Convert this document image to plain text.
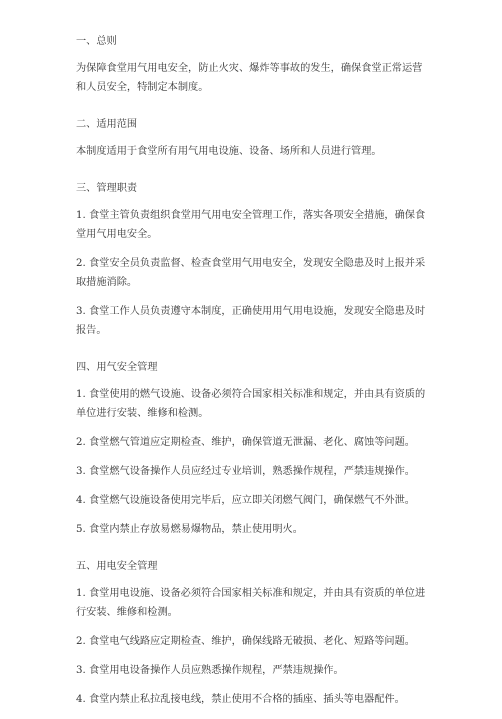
一、总则

为保障食堂用气用电安全，防止火灾、爆炸等事故的发生，确保食堂正常运营和人员安全，特制定本制度。

二、适用范围

本制度适用于食堂所有用气用电设施、设备、场所和人员进行管理。

三、管理职责

1. 食堂主管负责组织食堂用气用电安全管理工作，落实各项安全措施，确保食堂用气用电安全。

2. 食堂安全员负责监督、检查食堂用气用电安全，发现安全隐患及时上报并采取措施消除。

3. 食堂工作人员负责遵守本制度，正确使用用气用电设施，发现安全隐患及时报告。

四、用气安全管理

1. 食堂使用的燃气设施、设备必须符合国家相关标准和规定，并由具有资质的单位进行安装、维修和检测。

2. 食堂燃气管道应定期检查、维护，确保管道无泄漏、老化、腐蚀等问题。

3. 食堂燃气设备操作人员应经过专业培训，熟悉操作规程，严禁违规操作。

4. 食堂燃气设施设备使用完毕后，应立即关闭燃气阀门，确保燃气不外泄。

5. 食堂内禁止存放易燃易爆物品，禁止使用明火。

五、用电安全管理

1. 食堂用电设施、设备必须符合国家相关标准和规定，并由具有资质的单位进行安装、维修和检测。

2. 食堂电气线路应定期检查、维护，确保线路无破损、老化、短路等问题。

3. 食堂用电设备操作人员应熟悉操作规程，严禁违规操作。

4. 食堂内禁止私拉乱接电线，禁止使用不合格的插座、插头等电器配件。
